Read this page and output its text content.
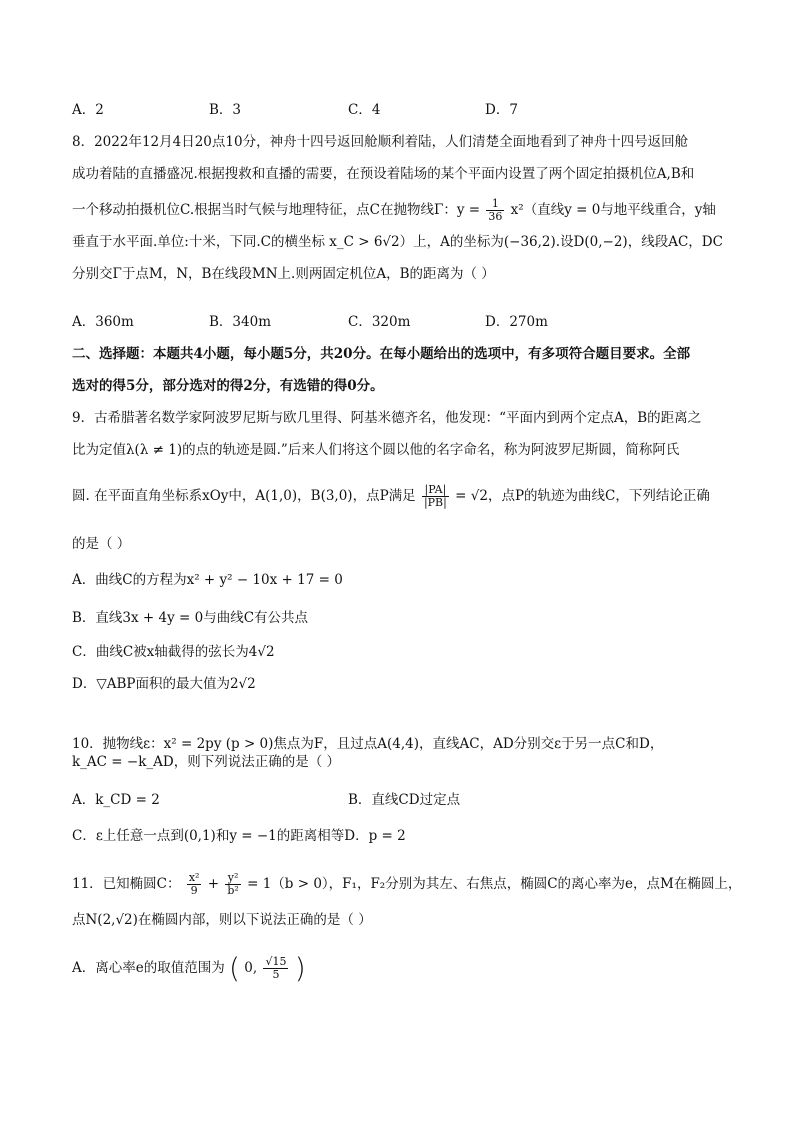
A．2	B．3	C．4	D．7
8．2022年12月4日20点10分，神舟十四号返回舱顺利着陆，人们清楚全面地看到了神舟十四号返回舱
成功着陆的直播盛况.根据搜救和直播的需要，在预设着陆场的某个平面内设置了两个固定拍摄机位A,B和
一个移动拍摄机位C.根据当时气候与地理特征，点C在抛物线Γ：$y = \frac{1}{36} x^2$（直线y = 0与地平线重合，y轴
垂直于水平面.单位:十米，下同.C的横坐标 x_C > 6√2）上，A的坐标为(−36,2).设D(0,−2)，线段AC，DC
分别交Γ于点M，N，B在线段MN上.则两固定机位A，B的距离为（ ）
A．360m	B．340m	C．320m	D．270m
二、选择题：本题共4小题，每小题5分，共20分。在每小题给出的选项中，有多项符合题目要求。全部
选对的得5分，部分选对的得2分，有选错的得0分。
9．古希腊著名数学家阿波罗尼斯与欧几里得、阿基米德齐名，他发现：“平面内到两个定点A，B的距离之
比为定值λ(λ ≠ 1)的点的轨迹是圆.”后来人们将这个圆以他的名字命名，称为阿波罗尼斯圆，简称阿氏
圆. 在平面直角坐标系xOy中，A(1,0)，B(3,0)，点P满足 $\frac{|PA|}{|PB|} = √2$，点P的轨迹为曲线C，下列结论正确
的是（ ）
A．曲线C的方程为x² + y² − 10x + 17 = 0
B．直线3x + 4y = 0与曲线C有公共点
C．曲线C被x轴截得的弦长为4√2
D．▽ABP面积的最大值为2√2
10．抛物线ε：x² = 2py (p > 0)焦点为F，且过点A(4,4)，直线AC，AD分别交ε于另一点C和D，
k_AC = −k_AD，则下列说法正确的是（ ）
A．k_CD = 2	B．直线CD过定点
C．ε上任意一点到(0,1)和y = −1的距离相等D．p = 2
11．已知椭圆C： $\frac{\text{x²}}{9} + \frac{\text{y²}}{\text{b²}} = 1(b > 0)$，F₁，F₂分别为其左、右焦点，椭圆C的离心率为e，点M在椭圆上，
点N(2,√2)在椭圆内部，则以下说法正确的是（ ）
A．离心率e的取值范围为 ( 0, $\frac{√15}{5}$ )
